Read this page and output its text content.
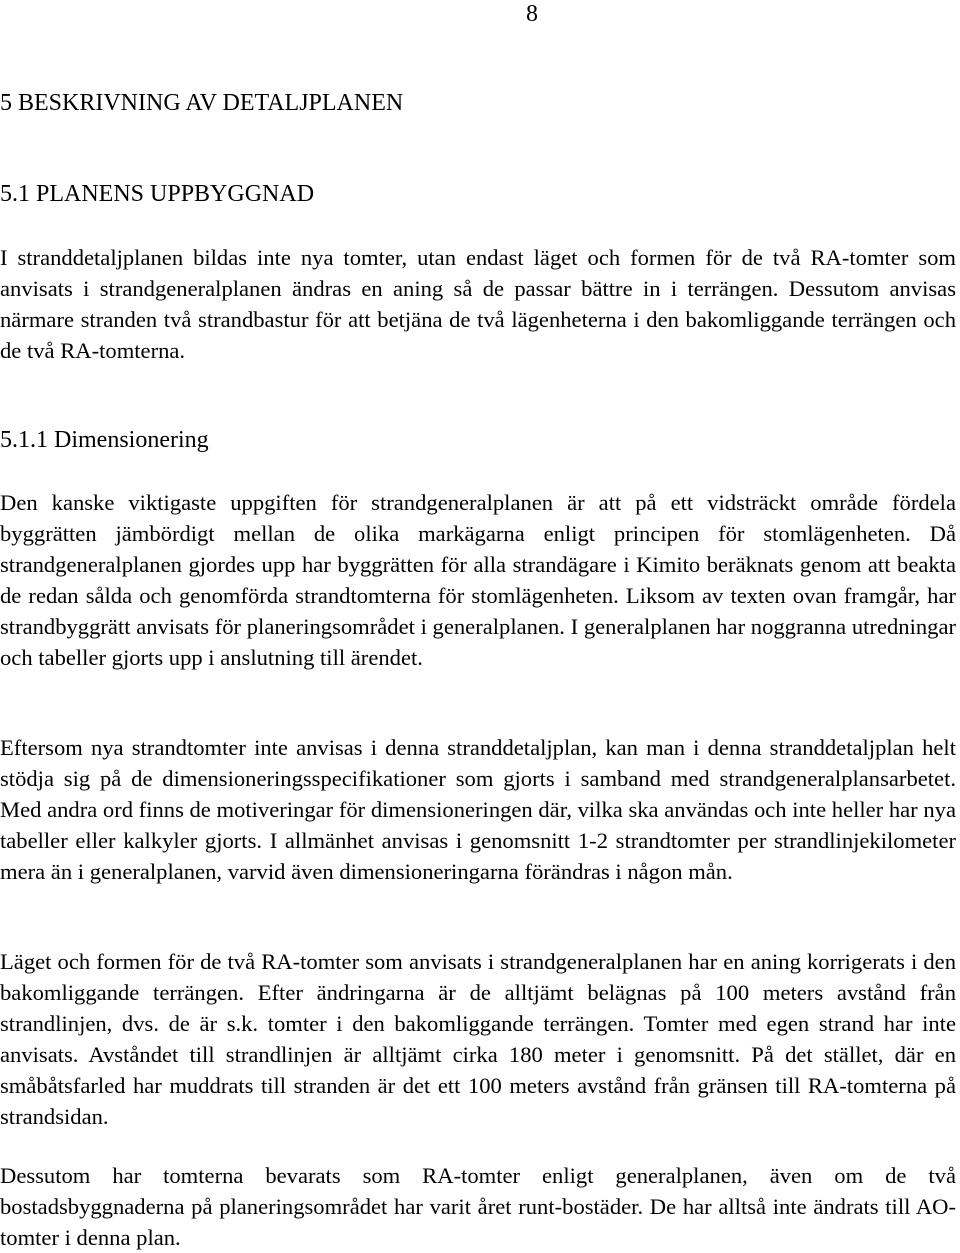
8
5 BESKRIVNING AV DETALJPLANEN
5.1 PLANENS UPPBYGGNAD

I stranddetaljplanen bildas inte nya tomter, utan endast läget och formen för de två RA-tomter som anvisats i strandgeneralplanen ändras en aning så de passar bättre in i terrängen. Dessutom anvisas närmare stranden två strandbastur för att betjäna de två lägenheterna i den bakomliggande terrängen och de två RA-tomterna.

5.1.1 Dimensionering

Den kanske viktigaste uppgiften för strandgeneralplanen är att på ett vidsträckt område fördela byggrätten jämbördigt mellan de olika markägarna enligt principen för stomlägenheten. Då strandgeneralplanen gjordes upp har byggrätten för alla strandägare i Kimito beräknats genom att beakta de redan sålda och genomförda strandtomterna för stomlägenheten. Liksom av texten ovan framgår, har strandbyggrätt anvisats för planeringsområdet i generalplanen. I generalplanen har noggranna utredningar och tabeller gjorts upp i anslutning till ärendet.

Eftersom nya strandtomter inte anvisas i denna stranddetaljplan, kan man i denna stranddetaljplan helt stödja sig på de dimensioneringsspecifikationer som gjorts i samband med strandgeneralplansarbetet. Med andra ord finns de motiveringar för dimensioneringen där, vilka ska användas och inte heller har nya tabeller eller kalkyler gjorts. I allmänhet anvisas i genomsnitt 1-2 strandtomter per strandlinjekilometer mera än i generalplanen, varvid även dimensioneringarna förändras i någon mån.

Läget och formen för de två RA-tomter som anvisats i strandgeneralplanen har en aning korrigerats i den bakomliggande terrängen. Efter ändringarna är de alltjämt belägnas på 100 meters avstånd från strandlinjen, dvs. de är s.k. tomter i den bakomliggande terrängen. Tomter med egen strand har inte anvisats. Avståndet till strandlinjen är alltjämt cirka 180 meter i genomsnitt. På det stället, där en småbåtsfarled har muddrats till stranden är det ett 100 meters avstånd från gränsen till RA-tomterna på strandsidan.

Dessutom har tomterna bevarats som RA-tomter enligt generalplanen, även om de två bostadsbyggnaderna på planeringsområdet har varit året runt-bostäder. De har alltså inte ändrats till AO-tomter i denna plan.
